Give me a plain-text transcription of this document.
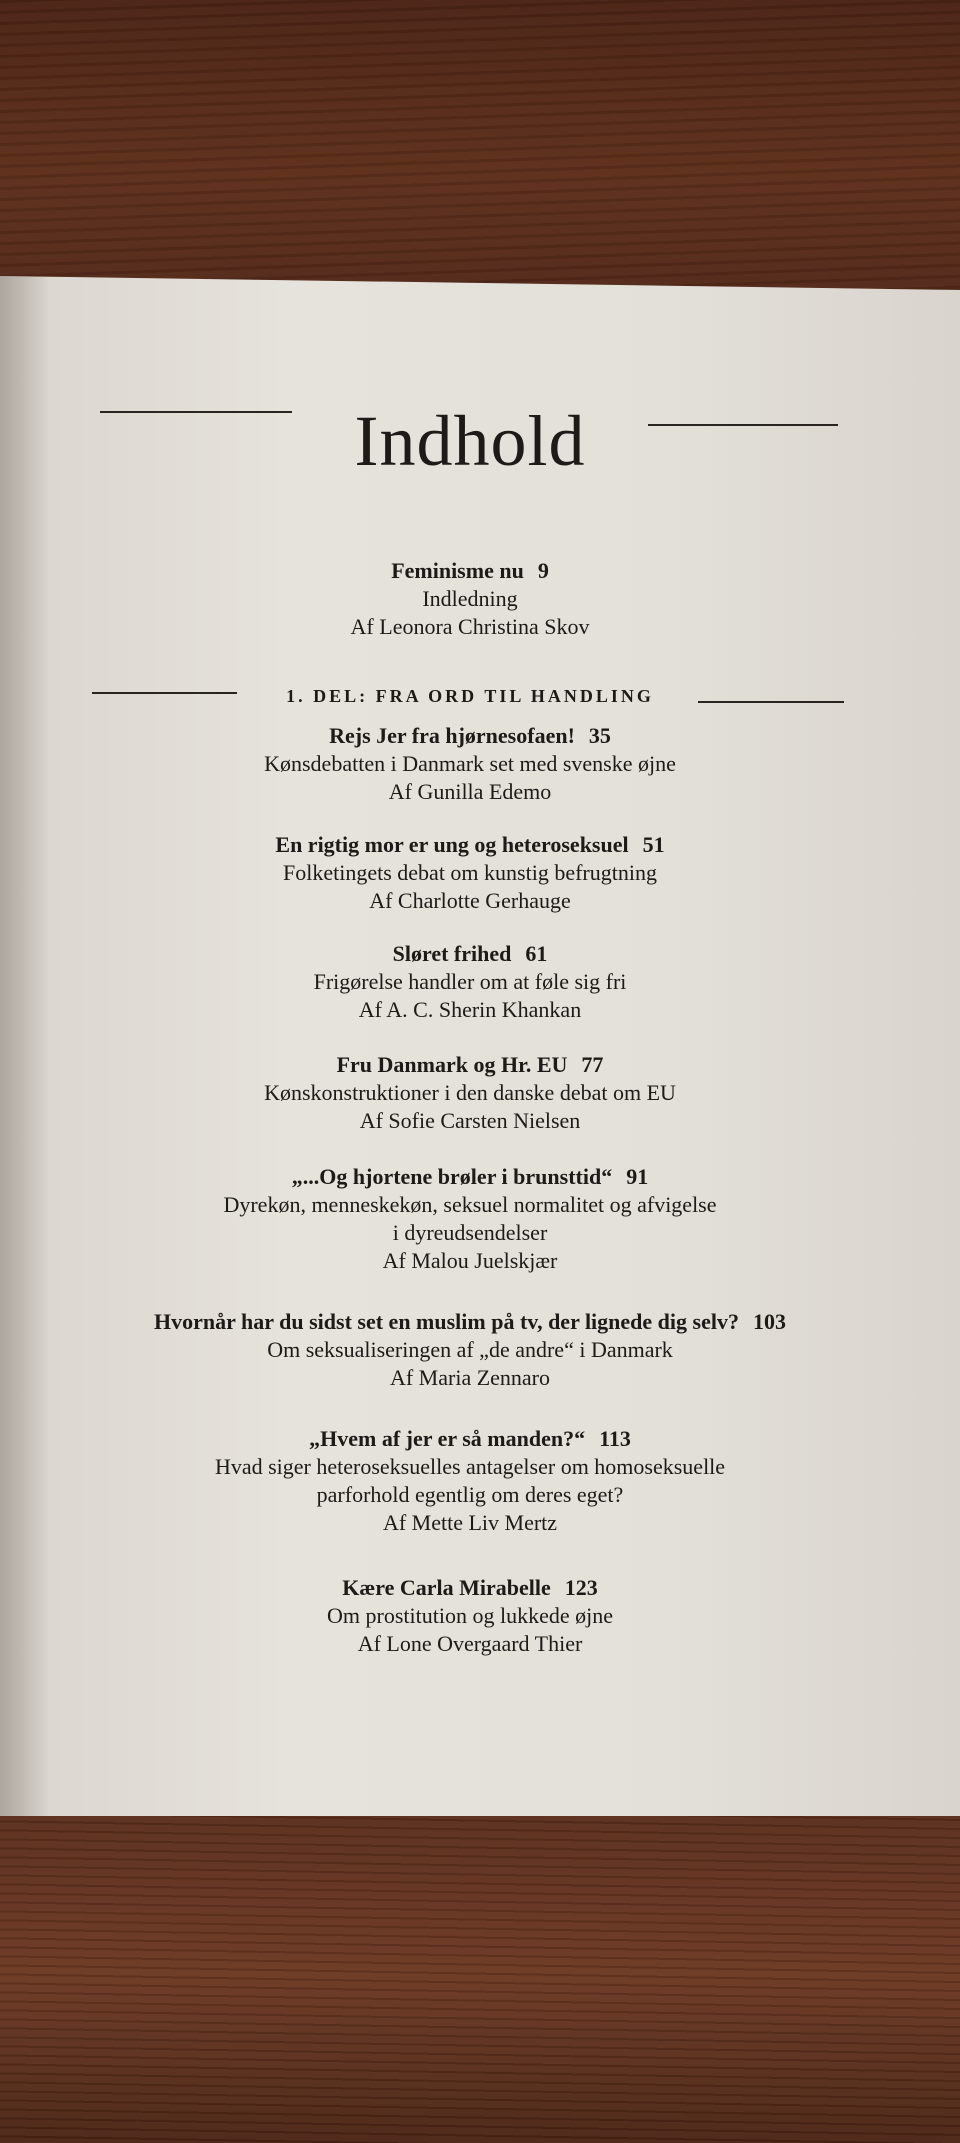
Indhold
Feminisme nu 9
Indledning
Af Leonora Christina Skov
1. DEL: FRA ORD TIL HANDLING
Rejs Jer fra hjørnesofaen! 35
Kønsdebatten i Danmark set med svenske øjne
Af Gunilla Edemo
En rigtig mor er ung og heteroseksuel 51
Folketingets debat om kunstig befrugtning
Af Charlotte Gerhauge
Sløret frihed 61
Frigørelse handler om at føle sig fri
Af A. C. Sherin Khankan
Fru Danmark og Hr. EU 77
Kønskonstruktioner i den danske debat om EU
Af Sofie Carsten Nielsen
„...Og hjortene brøler i brunsttid“ 91
Dyrekøn, menneskekøn, seksuel normalitet og afvigelse
i dyreudsendelser
Af Malou Juelskjær
Hvornår har du sidst set en muslim på tv, der lignede dig selv? 103
Om seksualiseringen af „de andre“ i Danmark
Af Maria Zennaro
„Hvem af jer er så manden?“ 113
Hvad siger heteroseksuelles antagelser om homoseksuelle
parforhold egentlig om deres eget?
Af Mette Liv Mertz
Kære Carla Mirabelle 123
Om prostitution og lukkede øjne
Af Lone Overgaard Thier
